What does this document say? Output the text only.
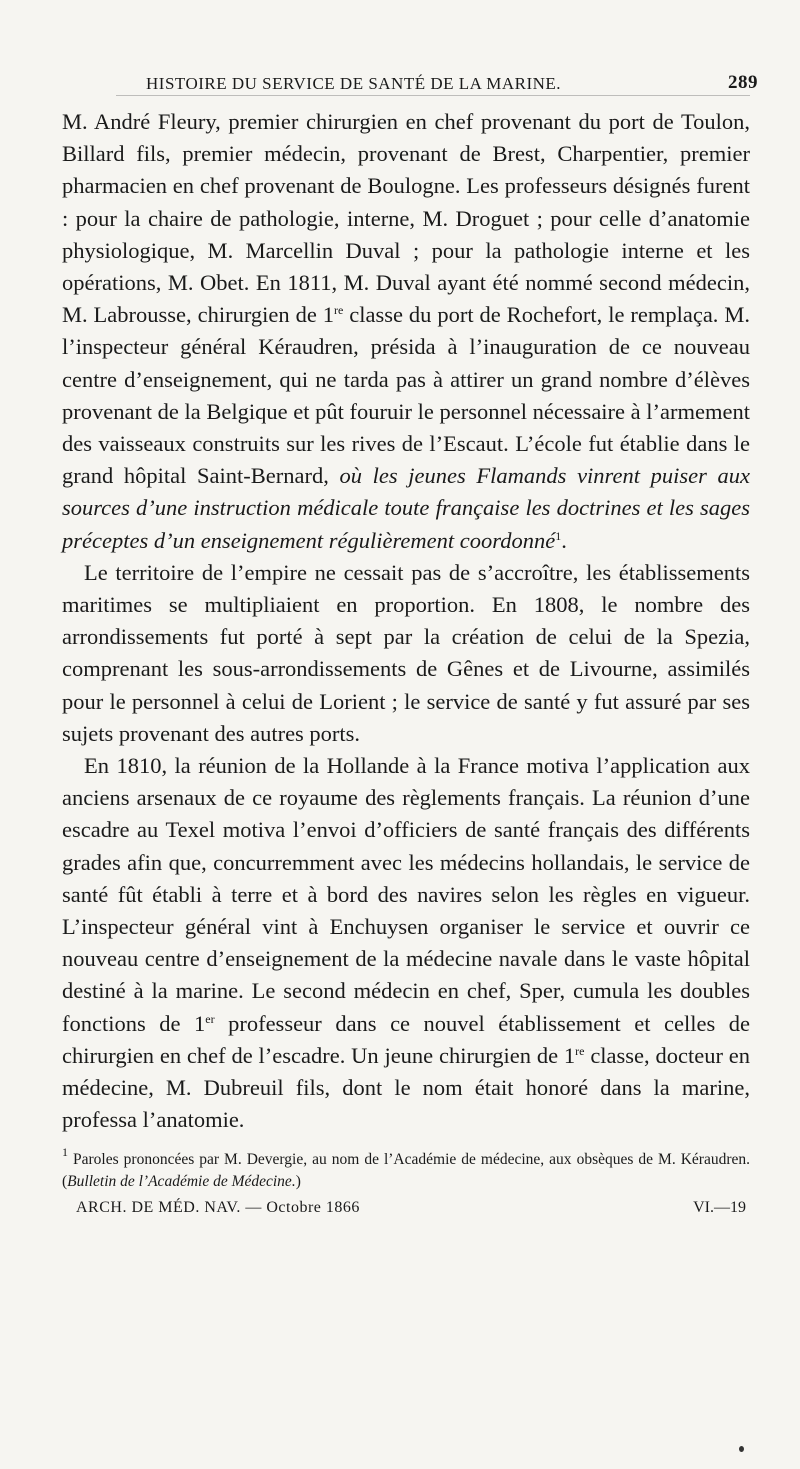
HISTOIRE DU SERVICE DE SANTÉ DE LA MARINE.	289

M. André Fleury, premier chirurgien en chef provenant du port de Toulon, Billard fils, premier médecin, provenant de Brest, Charpentier, premier pharmacien en chef provenant de Boulogne. Les professeurs désignés furent : pour la chaire de pathologie, interne, M. Droguet ; pour celle d’anatomie physiologique, M. Marcellin Duval ; pour la pathologie interne et les opérations, M. Obet. En 1811, M. Duval ayant été nommé second médecin, M. Labrousse, chirurgien de 1re classe du port de Rochefort, le remplaça. M. l’inspecteur général Kéraudren, présida à l’inauguration de ce nouveau centre d’enseignement, qui ne tarda pas à attirer un grand nombre d’élèves provenant de la Belgique et pût fouruir le personnel nécessaire à l’armement des vaisseaux construits sur les rives de l’Escaut. L’école fut établie dans le grand hôpital Saint-Bernard, où les jeunes Flamands vinrent puiser aux sources d’une instruction médicale toute française les doctrines et les sages préceptes d’un enseignement régulièrement coordonné$^1$.

Le territoire de l’empire ne cessait pas de s’accroître, les établissements maritimes se multipliaient en proportion. En 1808, le nombre des arrondissements fut porté à sept par la création de celui de la Spezia, comprenant les sous-arrondissements de Gênes et de Livourne, assimilés pour le personnel à celui de Lorient ; le service de santé y fut assuré par ses sujets provenant des autres ports.

En 1810, la réunion de la Hollande à la France motiva l’application aux anciens arsenaux de ce royaume des règlements français. La réunion d’une escadre au Texel motiva l’envoi d’officiers de santé français des différents grades afin que, concurremment avec les médecins hollandais, le service de santé fût établi à terre et à bord des navires selon les règles en vigueur. L’inspecteur général vint à Enchuysen organiser le service et ouvrir ce nouveau centre d’enseignement de la médecine navale dans le vaste hôpital destiné à la marine. Le second médecin en chef, Sper, cumula les doubles fonctions de 1er professeur dans ce nouvel établissement et celles de chirurgien en chef de l’escadre. Un jeune chirurgien de 1re classe, docteur en médecine, M. Dubreuil fils, dont le nom était honoré dans la marine, professa l’anatomie.

$^1$ Paroles prononcées par M. Devergie, au nom de l’Académie de médecine, aux obsèques de M. Kéraudren. (Bulletin de l’Académie de Médecine.)

ARCH. DE MÉD. NAV. — Octobre 1866	VI.—19
